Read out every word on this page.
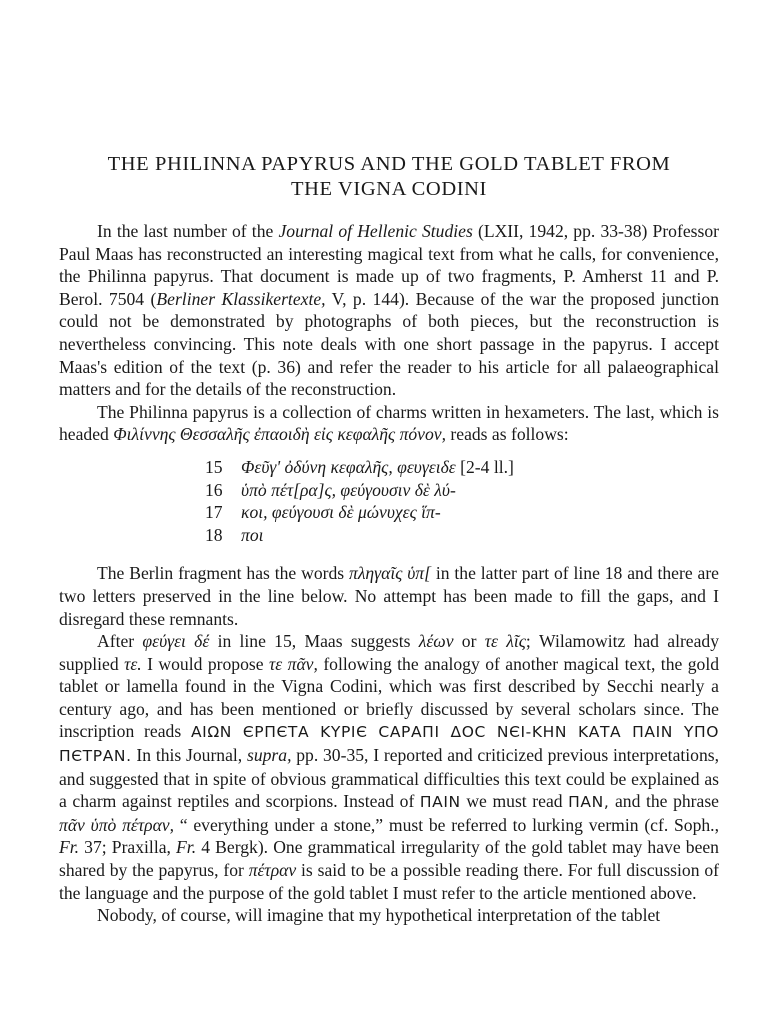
THE PHILINNA PAPYRUS AND THE GOLD TABLET FROM
THE VIGNA CODINI

In the last number of the Journal of Hellenic Studies (LXII, 1942, pp. 33-38) Professor Paul Maas has reconstructed an interesting magical text from what he calls, for convenience, the Philinna papyrus. That document is made up of two fragments, P. Amherst 11 and P. Berol. 7504 (Berliner Klassikertexte, V, p. 144). Because of the war the proposed junction could not be demonstrated by photographs of both pieces, but the reconstruction is nevertheless convincing. This note deals with one short passage in the papyrus. I accept Maas's edition of the text (p. 36) and refer the reader to his article for all palaeographical matters and for the details of the reconstruction.

The Philinna papyrus is a collection of charms written in hexameters. The last, which is headed Φιλίννης Θεσσαλῆς ἐπαοιδὴ εἰς κεφαλῆς πόνον, reads as follows:

15	Φεῦγ' ὀδύνη κεφαλῆς, φευγειδε [2-4 ll.]
16	ὑπὸ πέτ[ρα]ς, φεύγουσιν δὲ λύ-
17	κοι, φεύγουσι δὲ μώνυχες ἵπ-
18	ποι

The Berlin fragment has the words πληγαῖς ὑπ[ in the latter part of line 18 and there are two letters preserved in the line below. No attempt has been made to fill the gaps, and I disregard these remnants.

After φεύγει δέ in line 15, Maas suggests λέων or τε λῖς; Wilamowitz had already supplied τε. I would propose τε πᾶν, following the analogy of another magical text, the gold tablet or lamella found in the Vigna Codini, which was first described by Secchi nearly a century ago, and has been mentioned or briefly discussed by several scholars since. The inscription reads ΑΙΩΝ ЄΡΠЄΤΑ ΚΥΡΙЄ CΑΡΑΠΙ ΔΟC ΝЄΙ-ΚΗΝ ΚΑΤΑ ΠΑΙΝ ΥΠΟ ΠЄΤΡΑΝ. In this Journal, supra, pp. 30-35, I reported and criticized previous interpretations, and suggested that in spite of obvious grammatical difficulties this text could be explained as a charm against reptiles and scorpions. Instead of ΠΑΙΝ we must read ΠΑΝ, and the phrase πᾶν ὑπὸ πέτραν, “ everything under a stone,” must be referred to lurking vermin (cf. Soph., Fr. 37; Praxilla, Fr. 4 Bergk). One grammatical irregularity of the gold tablet may have been shared by the papyrus, for πέτραν is said to be a possible reading there. For full discussion of the language and the purpose of the gold tablet I must refer to the article mentioned above.

Nobody, of course, will imagine that my hypothetical interpretation of the tablet
